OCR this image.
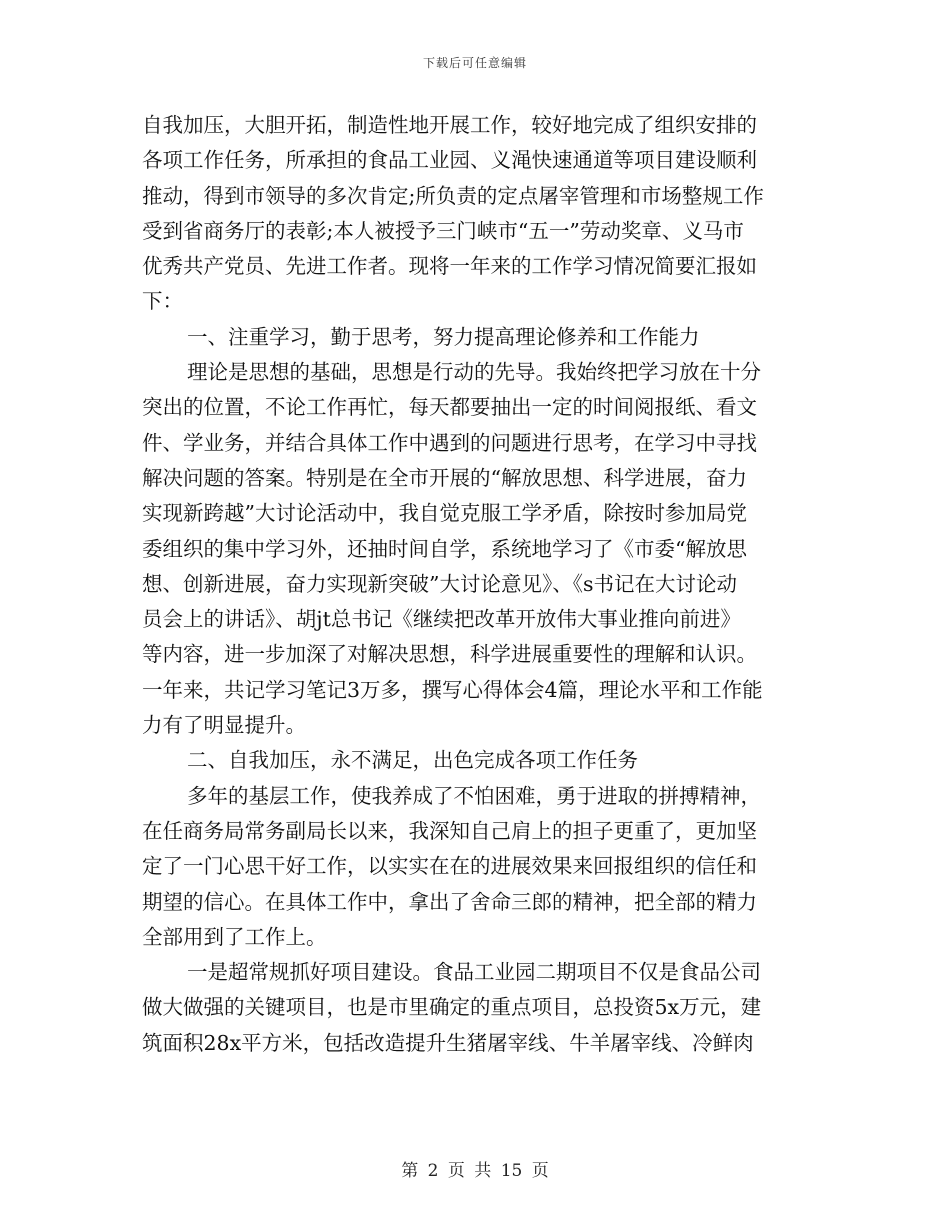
下载后可任意编辑
自我加压，大胆开拓，制造性地开展工作，较好地完成了组织安排的
各项工作任务，所承担的食品工业园、义渑快速通道等项目建设顺利
推动，得到市领导的多次肯定;所负责的定点屠宰管理和市场整规工作
受到省商务厅的表彰;本人被授予三门峡市“五一”劳动奖章、义马市
优秀共产党员、先进工作者。现将一年来的工作学习情况简要汇报如
下：
一、注重学习，勤于思考，努力提高理论修养和工作能力
理论是思想的基础，思想是行动的先导。我始终把学习放在十分
突出的位置，不论工作再忙，每天都要抽出一定的时间阅报纸、看文
件、学业务，并结合具体工作中遇到的问题进行思考，在学习中寻找
解决问题的答案。特别是在全市开展的“解放思想、科学进展，奋力
实现新跨越”大讨论活动中，我自觉克服工学矛盾，除按时参加局党
委组织的集中学习外，还抽时间自学，系统地学习了《市委“解放思
想、创新进展，奋力实现新突破”大讨论意见》、《s书记在大讨论动
员会上的讲话》、胡jt总书记《继续把改革开放伟大事业推向前进》
等内容，进一步加深了对解决思想，科学进展重要性的理解和认识。
一年来，共记学习笔记3万多，撰写心得体会4篇，理论水平和工作能
力有了明显提升。
二、自我加压，永不满足，出色完成各项工作任务
多年的基层工作，使我养成了不怕困难，勇于进取的拼搏精神，
在任商务局常务副局长以来，我深知自己肩上的担子更重了，更加坚
定了一门心思干好工作，以实实在在的进展效果来回报组织的信任和
期望的信心。在具体工作中，拿出了舍命三郎的精神，把全部的精力
全部用到了工作上。
一是超常规抓好项目建设。食品工业园二期项目不仅是食品公司
做大做强的关键项目，也是市里确定的重点项目，总投资5x万元，建
筑面积28x平方米，包括改造提升生猪屠宰线、牛羊屠宰线、冷鲜肉
第 2 页 共 15 页
